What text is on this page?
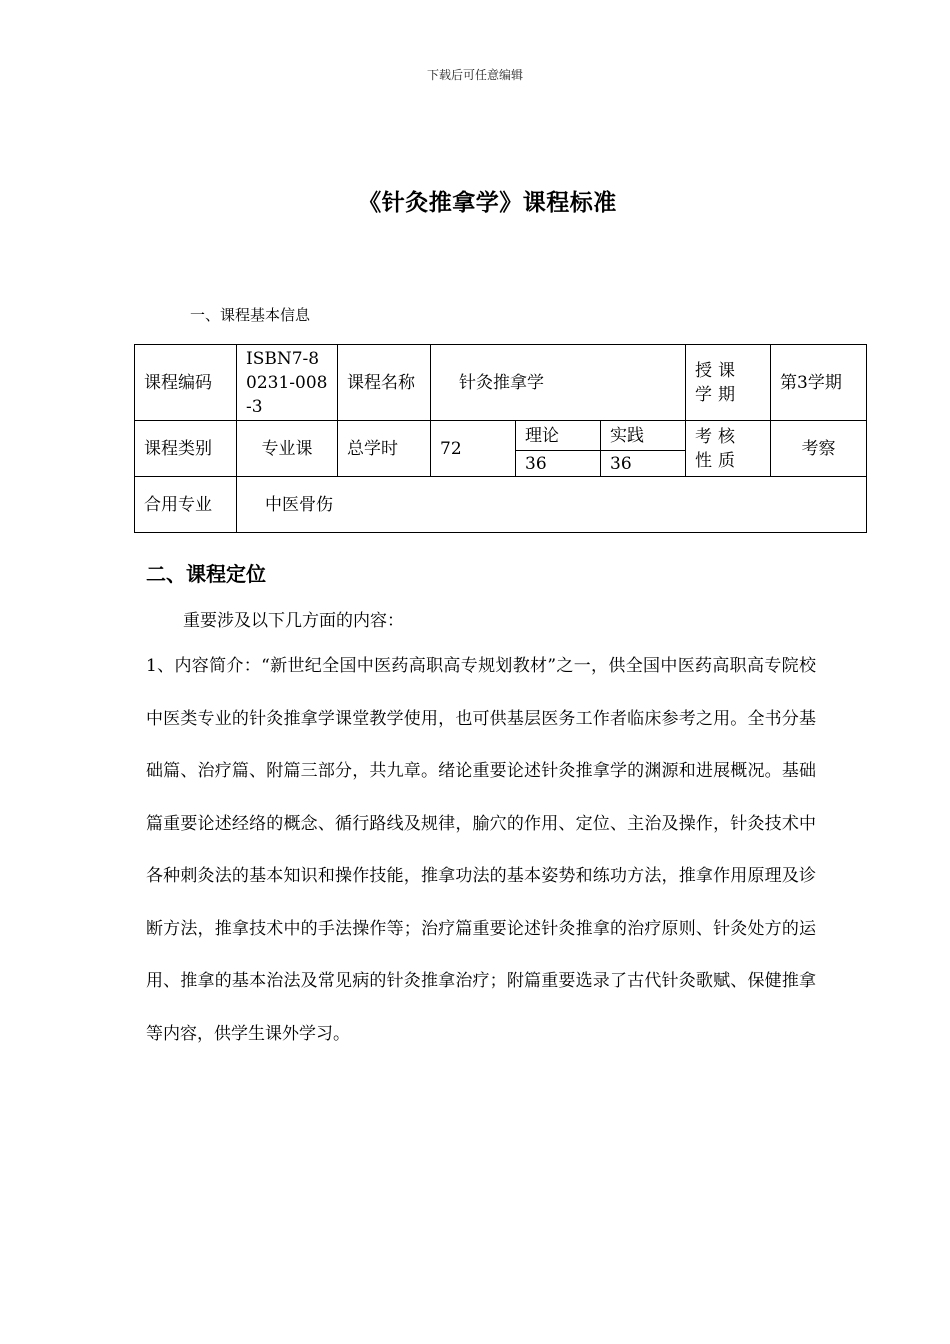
下载后可任意编辑
《针灸推拿学》课程标准
一、课程基本信息
课程编码	ISBN7-80231-008-3	课程名称	针灸推拿学			授课学期	第3学期
课程类别	专业课	总学时	72	理论	实践	考核性质	考察
				36	36		
合用专业	中医骨伤						
二、课程定位
重要涉及以下几方面的内容：
1、内容简介：“新世纪全国中医药高职高专规划教材”之一，供全国中医药高职高专院校中医类专业的针灸推拿学课堂教学使用，也可供基层医务工作者临床参考之用。全书分基础篇、治疗篇、附篇三部分，共九章。绪论重要论述针灸推拿学的渊源和进展概况。基础篇重要论述经络的概念、循行路线及规律，腧穴的作用、定位、主治及操作，针灸技术中各种刺灸法的基本知识和操作技能，推拿功法的基本姿势和练功方法，推拿作用原理及诊断方法，推拿技术中的手法操作等；治疗篇重要论述针灸推拿的治疗原则、针灸处方的运用、推拿的基本治法及常见病的针灸推拿治疗；附篇重要选录了古代针灸歌赋、保健推拿等内容，供学生课外学习。
